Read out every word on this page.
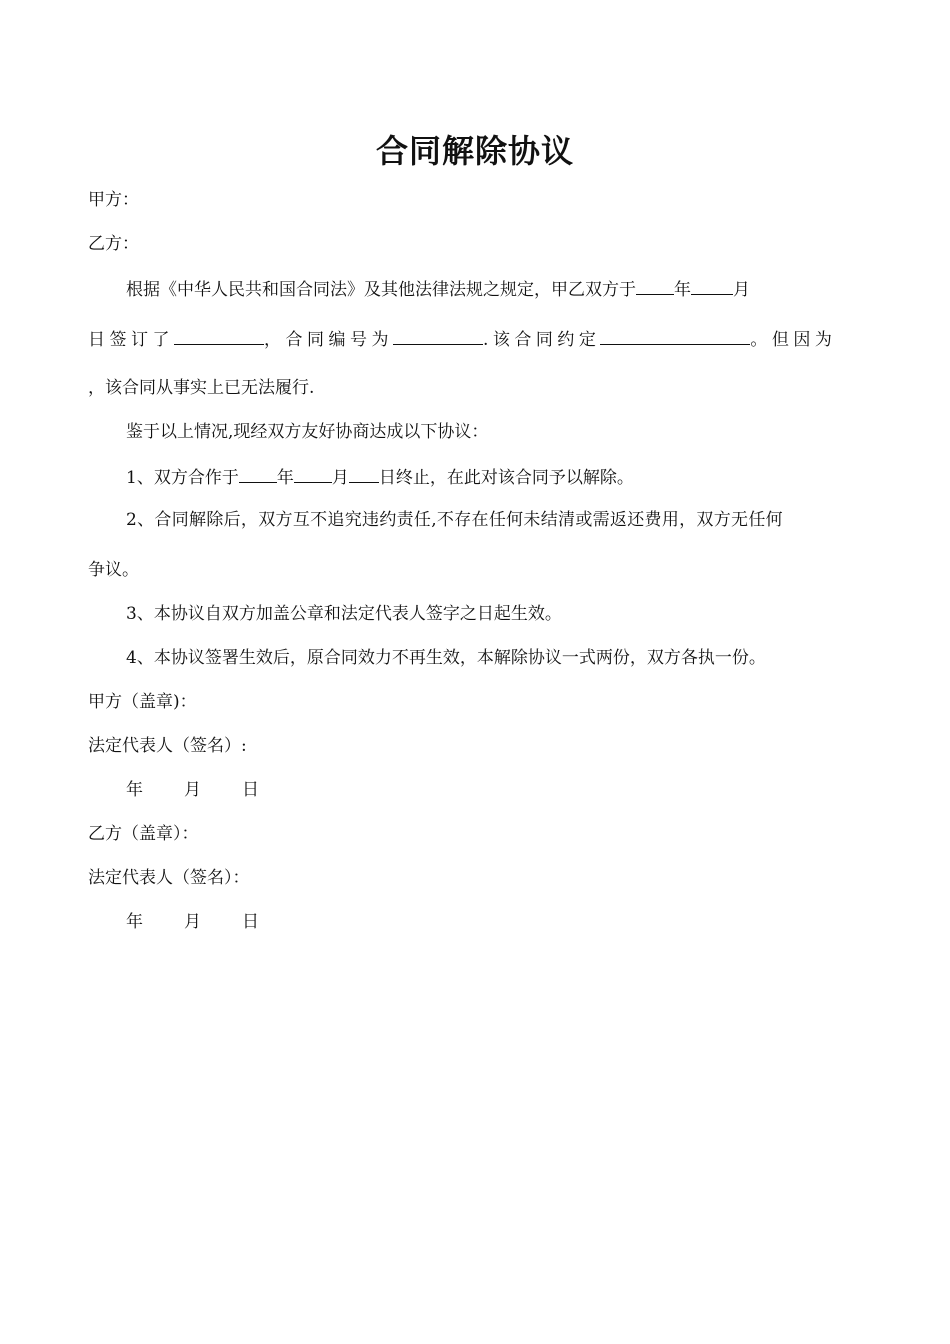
合同解除协议
甲方：
乙方：
根据《中华人民共和国合同法》及其他法律法规之规定，甲乙双方于 年 月
日签订了	，合同编号为	.该合同约定	。但因为
，该合同从事实上已无法履行.
鉴于以上情况,现经双方友好协商达成以下协议：
1、双方合作于 年 月 日终止，在此对该合同予以解除。
2、合同解除后，双方互不追究违约责任,不存在任何未结清或需返还费用，双方无任何
争议。
3、本协议自双方加盖公章和法定代表人签字之日起生效。
4、本协议签署生效后，原合同效力不再生效，本解除协议一式两份，双方各执一份。
甲方（盖章)：
法定代表人（签名）:
年 月 日
乙方（盖章）：
法定代表人（签名）：
年 月 日
